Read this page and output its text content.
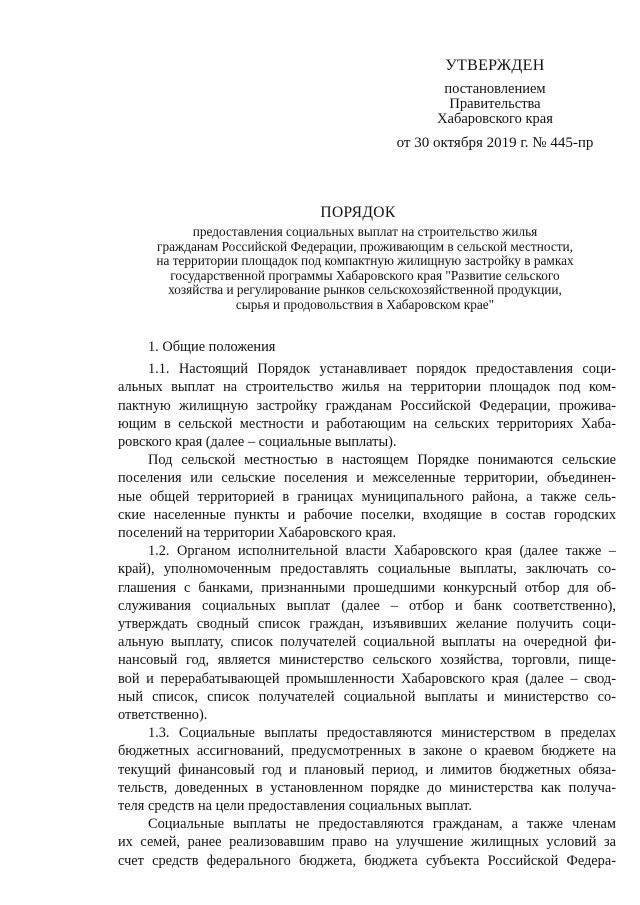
УТВЕРЖДЕН
постановлением
Правительства
Хабаровского края
от 30 октября 2019 г. № 445-пр
ПОРЯДОК
предоставления социальных выплат на строительство жилья
гражданам Российской Федерации, проживающим в сельской местности,
на территории площадок под компактную жилищную застройку в рамках
государственной программы Хабаровского края "Развитие сельского
хозяйства и регулирование рынков сельскохозяйственной продукции,
сырья и продовольствия в Хабаровском крае"
1. Общие положения
1.1. Настоящий Порядок устанавливает порядок предоставления соци-
альных выплат на строительство жилья на территории площадок под ком-
пактную жилищную застройку гражданам Российской Федерации, прожива-
ющим в сельской местности и работающим на сельских территориях Хаба-
ровского края (далее – социальные выплаты).
Под сельской местностью в настоящем Порядке понимаются сельские
поселения или сельские поселения и межселенные территории, объединен-
ные общей территорией в границах муниципального района, а также сель-
ские населенные пункты и рабочие поселки, входящие в состав городских
поселений на территории Хабаровского края.
1.2. Органом исполнительной власти Хабаровского края (далее также –
край), уполномоченным предоставлять социальные выплаты, заключать со-
глашения с банками, признанными прошедшими конкурсный отбор для об-
служивания социальных выплат (далее – отбор и банк соответственно),
утверждать сводный список граждан, изъявивших желание получить соци-
альную выплату, список получателей социальной выплаты на очередной фи-
нансовый год, является министерство сельского хозяйства, торговли, пище-
вой и перерабатывающей промышленности Хабаровского края (далее – свод-
ный список, список получателей социальной выплаты и министерство со-
ответственно).
1.3. Социальные выплаты предоставляются министерством в пределах
бюджетных ассигнований, предусмотренных в законе о краевом бюджете на
текущий финансовый год и плановый период, и лимитов бюджетных обяза-
тельств, доведенных в установленном порядке до министерства как получа-
теля средств на цели предоставления социальных выплат.
Социальные выплаты не предоставляются гражданам, а также членам
их семей, ранее реализовавшим право на улучшение жилищных условий за
счет средств федерального бюджета, бюджета субъекта Российской Федера-
